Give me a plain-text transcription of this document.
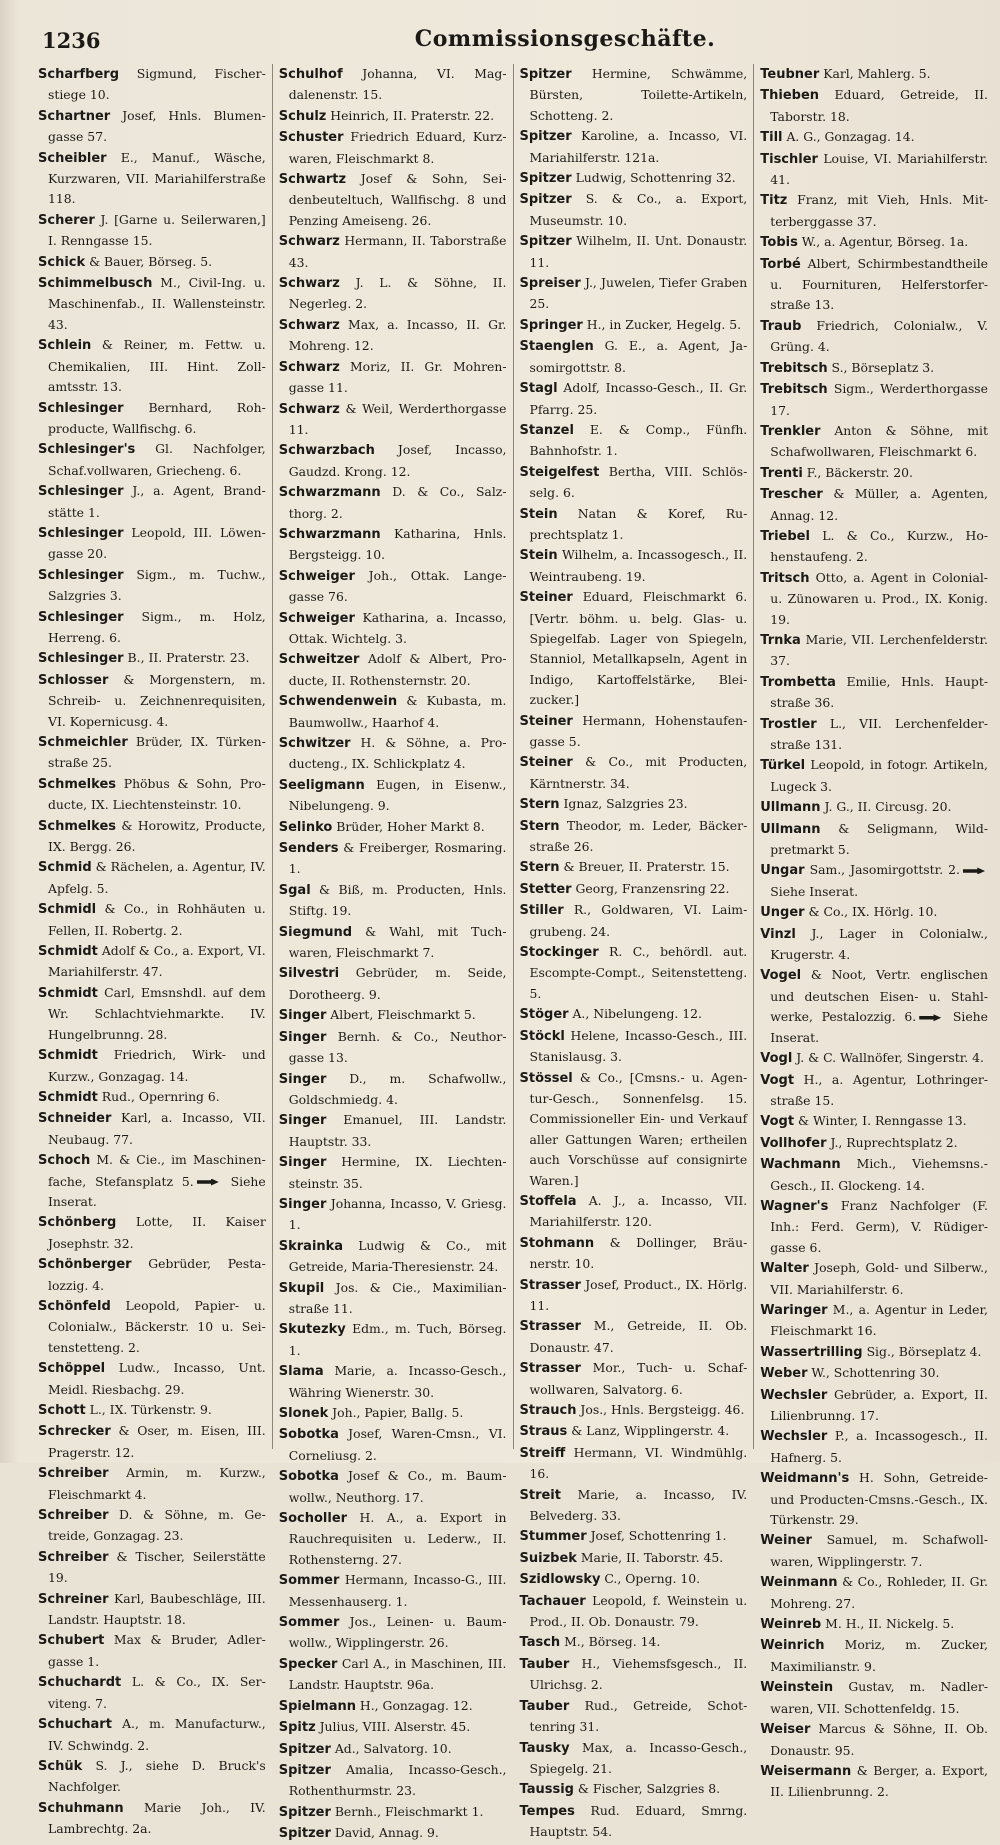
1236	Commissionsgeschäfte.

Scharfberg Sigmund, Fischerstiege 10.

Schartner Josef, Hnls. Blumengasse 57.

Scheibler E., Manuf., Wäsche, Kurzwaren, VII. Mariahilferstraße 118.

Scherer J. [Garne u. Seilerwaren,] I. Renngasse 15.

Schick & Bauer, Börseg. 5.

Schimmelbusch M., Civil-Ing. u. Maschinenfab., II. Wallensteinstr. 43.

Schlein & Reiner, m. Fettw. u. Chemikalien, III. Hint. Zollamtsstr. 13.

Schlesinger Bernhard, Rohproducte, Wallfischg. 6.

Schlesinger's Gl. Nachfolger, Schaf.vollwaren, Griecheng. 6.

Schlesinger J., a. Agent, Brandstätte 1.

Schlesinger Leopold, III. Löwengasse 20.

Schlesinger Sigm., m. Tuchw., Salzgries 3.

Schlesinger Sigm., m. Holz, Herreng. 6.

Schlesinger B., II. Praterstr. 23.

Schlosser & Morgenstern, m. Schreib- u. Zeichnenrequisiten, VI. Kopernicusg. 4.

Schmeichler Brüder, IX. Türkenstraße 25.

Schmelkes Phöbus & Sohn, Producte, IX. Liechtensteinstr. 10.

Schmelkes & Horowitz, Producte, IX. Bergg. 26.

Schmid & Rächelen, a. Agentur, IV. Apfelg. 5.

Schmidl & Co., in Rohhäuten u. Fellen, II. Robertg. 2.

Schmidt Adolf & Co., a. Export, VI. Mariahilferstr. 47.

Schmidt Carl, Emsnshdl. auf dem Wr. Schlachtviehmarkte. IV. Hungelbrunng. 28.

Schmidt Friedrich, Wirk- und Kurzw., Gonzagag. 14.

Schmidt Rud., Opernring 6.

Schneider Karl, a. Incasso, VII. Neubaug. 77.

Schoch M. & Cie., im Maschinenfache, Stefansplatz 5. Siehe Inserat.

Schönberg Lotte, II. Kaiser Josephstr. 32.

Schönberger Gebrüder, Pestalozzig. 4.

Schönfeld Leopold, Papier- u. Colonialw., Bäckerstr. 10 u. Seitenstetteng. 2.

Schöppel Ludw., Incasso, Unt. Meidl. Riesbachg. 29.

Schott L., IX. Türkenstr. 9.

Schrecker & Oser, m. Eisen, III. Pragerstr. 12.

Schreiber Armin, m. Kurzw., Fleischmarkt 4.

Schreiber D. & Söhne, m. Getreide, Gonzagag. 23.

Schreiber & Tischer, Seilerstätte 19.

Schreiner Karl, Baubeschläge, III. Landstr. Hauptstr. 18.

Schubert Max & Bruder, Adlergasse 1.

Schuchardt L. & Co., IX. Serviteng. 7.

Schuchart A., m. Manufacturw., IV. Schwindg. 2.

Schük S. J., siehe D. Bruck's Nachfolger.

Schuhmann Marie Joh., IV. Lambrechtg. 2a.

Schulhof Johanna, VI. Magdalenenstr. 15.

Schulz Heinrich, II. Praterstr. 22.

Schuster Friedrich Eduard, Kurzwaren, Fleischmarkt 8.

Schwartz Josef & Sohn, Seidenbeuteltuch, Wallfischg. 8 und Penzing Ameiseng. 26.

Schwarz Hermann, II. Taborstraße 43.

Schwarz J. L. & Söhne, II. Negerleg. 2.

Schwarz Max, a. Incasso, II. Gr. Mohreng. 12.

Schwarz Moriz, II. Gr. Mohrengasse 11.

Schwarz & Weil, Werderthorgasse 11.

Schwarzbach Josef, Incasso, Gaudzd. Krong. 12.

Schwarzmann D. & Co., Salzthorg. 2.

Schwarzmann Katharina, Hnls. Bergsteigg. 10.

Schweiger Joh., Ottak. Langegasse 76.

Schweiger Katharina, a. Incasso, Ottak. Wichtelg. 3.

Schweitzer Adolf & Albert, Producte, II. Rothensternstr. 20.

Schwendenwein & Kubasta, m. Baumwollw., Haarhof 4.

Schwitzer H. & Söhne, a. Producteng., IX. Schlickplatz 4.

Seeligmann Eugen, in Eisenw., Nibelungeng. 9.

Selinko Brüder, Hoher Markt 8.

Senders & Freiberger, Rosmaring. 1.

Sgal & Biß, m. Producten, Hnls. Stiftg. 19.

Siegmund & Wahl, mit Tuchwaren, Fleischmarkt 7.

Silvestri Gebrüder, m. Seide, Dorotheerg. 9.

Singer Albert, Fleischmarkt 5.

Singer Bernh. & Co., Neuthorgasse 13.

Singer D., m. Schafwollw., Goldschmiedg. 4.

Singer Emanuel, III. Landstr. Hauptstr. 33.

Singer Hermine, IX. Liechtensteinstr. 35.

Singer Johanna, Incasso, V. Griesg. 1.

Skrainka Ludwig & Co., mit Getreide, Maria-Theresienstr. 24.

Skupil Jos. & Cie., Maximilianstraße 11.

Skutezky Edm., m. Tuch, Börseg. 1.

Slama Marie, a. Incasso-Gesch., Währing Wienerstr. 30.

Slonek Joh., Papier, Ballg. 5.

Sobotka Josef, Waren-Cmsn., VI. Corneliusg. 2.

Sobotka Josef & Co., m. Baumwollw., Neuthorg. 17.

Socholler H. A., a. Export in Rauchrequisiten u. Lederw., II. Rothensterng. 27.

Sommer Hermann, Incasso-G., III. Messenhauserg. 1.

Sommer Jos., Leinen- u. Baumwollw., Wipplingerstr. 26.

Specker Carl A., in Maschinen, III. Landstr. Hauptstr. 96a.

Spielmann H., Gonzagag. 12.

Spitz Julius, VIII. Alserstr. 45.

Spitzer Ad., Salvatorg. 10.

Spitzer Amalia, Incasso-Gesch., Rothenthurmstr. 23.

Spitzer Bernh., Fleischmarkt 1.

Spitzer David, Annag. 9.

Spitzer Hermine, Schwämme, Bürsten, Toilette-Artikeln, Schotteng. 2.

Spitzer Karoline, a. Incasso, VI. Mariahilferstr. 121a.

Spitzer Ludwig, Schottenring 32.

Spitzer S. & Co., a. Export, Museumstr. 10.

Spitzer Wilhelm, II. Unt. Donaustr. 11.

Spreiser J., Juwelen, Tiefer Graben 25.

Springer H., in Zucker, Hegelg. 5.

Staenglen G. E., a. Agent, Jasomirgottstr. 8.

Stagl Adolf, Incasso-Gesch., II. Gr. Pfarrg. 25.

Stanzel E. & Comp., Fünfh. Bahnhofstr. 1.

Steigelfest Bertha, VIII. Schlösselg. 6.

Stein Natan & Koref, Ruprechtsplatz 1.

Stein Wilhelm, a. Incassogesch., II. Weintraubeng. 19.

Steiner Eduard, Fleischmarkt 6. [Vertr. böhm. u. belg. Glas- u. Spiegelfab. Lager von Spiegeln, Stanniol, Metallkapseln, Agent in Indigo, Kartoffelstärke, Bleizucker.]

Steiner Hermann, Hohenstaufengasse 5.

Steiner & Co., mit Producten, Kärntnerstr. 34.

Stern Ignaz, Salzgries 23.

Stern Theodor, m. Leder, Bäckerstraße 26.

Stern & Breuer, II. Praterstr. 15.

Stetter Georg, Franzensring 22.

Stiller R., Goldwaren, VI. Laimgrubeng. 24.

Stockinger R. C., behördl. aut. Escompte-Compt., Seitenstetteng. 5.

Stöger A., Nibelungeng. 12.

Stöckl Helene, Incasso-Gesch., III. Stanislausg. 3.

Stössel & Co., [Cmsns.- u. Agentur-Gesch., Sonnenfelsg. 15. Commissioneller Ein- und Verkauf aller Gattungen Waren; ertheilen auch Vorschüsse auf consignirte Waren.]

Stoffela A. J., a. Incasso, VII. Mariahilferstr. 120.

Stohmann & Dollinger, Bräunerstr. 10.

Strasser Josef, Product., IX. Hörlg. 11.

Strasser M., Getreide, II. Ob. Donaustr. 47.

Strasser Mor., Tuch- u. Schafwollwaren, Salvatorg. 6.

Strauch Jos., Hnls. Bergsteigg. 46.

Straus & Lanz, Wipplingerstr. 4.

Streiff Hermann, VI. Windmühlg. 16.

Streit Marie, a. Incasso, IV. Belvederg. 33.

Stummer Josef, Schottenring 1.

Suizbek Marie, II. Taborstr. 45.

Szidlowsky C., Operng. 10.

Tachauer Leopold, f. Weinstein u. Prod., II. Ob. Donaustr. 79.

Tasch M., Börseg. 14.

Tauber H., Viehemsfsgesch., II. Ulrichsg. 2.

Tauber Rud., Getreide, Schottenring 31.

Tausky Max, a. Incasso-Gesch., Spiegelg. 21.

Taussig & Fischer, Salzgries 8.

Tempes Rud. Eduard, Smrng. Hauptstr. 54.

Teubner Karl, Mahlerg. 5.

Thieben Eduard, Getreide, II. Taborstr. 18.

Till A. G., Gonzagag. 14.

Tischler Louise, VI. Mariahilferstr. 41.

Titz Franz, mit Vieh, Hnls. Mitterberggasse 37.

Tobis W., a. Agentur, Börseg. 1a.

Torbé Albert, Schirmbestandtheile u. Fournituren, Helferstorferstraße 13.

Traub Friedrich, Colonialw., V. Grüng. 4.

Trebitsch S., Börseplatz 3.

Trebitsch Sigm., Werderthorgasse 17.

Trenkler Anton & Söhne, mit Schafwollwaren, Fleischmarkt 6.

Trenti F., Bäckerstr. 20.

Trescher & Müller, a. Agenten, Annag. 12.

Triebel L. & Co., Kurzw., Hohenstaufeng. 2.

Tritsch Otto, a. Agent in Colonial- u. Zünowaren u. Prod., IX. Konig. 19.

Trnka Marie, VII. Lerchenfelderstr. 37.

Trombetta Emilie, Hnls. Hauptstraße 36.

Trostler L., VII. Lerchenfelderstraße 131.

Türkel Leopold, in fotogr. Artikeln, Lugeck 3.

Ullmann J. G., II. Circusg. 20.

Ullmann & Seligmann, Wildpretmarkt 5.

Ungar Sam., Jasomirgottstr. 2. Siehe Inserat.

Unger & Co., IX. Hörlg. 10.

Vinzl J., Lager in Colonialw., Krugerstr. 4.

Vogel & Noot, Vertr. englischen und deutschen Eisen- u. Stahlwerke, Pestalozzig. 6. Siehe Inserat.

Vogl J. & C. Wallnöfer, Singerstr. 4.

Vogt H., a. Agentur, Lothringerstraße 15.

Vogt & Winter, I. Renngasse 13.

Vollhofer J., Ruprechtsplatz 2.

Wachmann Mich., Viehemsns.-Gesch., II. Glockeng. 14.

Wagner's Franz Nachfolger (F. Inh.: Ferd. Germ), V. Rüdigergasse 6.

Walter Joseph, Gold- und Silberw., VII. Mariahilferstr. 6.

Waringer M., a. Agentur in Leder, Fleischmarkt 16.

Wassertrilling Sig., Börseplatz 4.

Weber W., Schottenring 30.

Wechsler Gebrüder, a. Export, II. Lilienbrunng. 17.

Wechsler P., a. Incassogesch., II. Hafnerg. 5.

Weidmann's H. Sohn, Getreide- und Producten-Cmsns.-Gesch., IX. Türkenstr. 29.

Weiner Samuel, m. Schafwollwaren, Wipplingerstr. 7.

Weinmann & Co., Rohleder, II. Gr. Mohreng. 27.

Weinreb M. H., II. Nickelg. 5.

Weinrich Moriz, m. Zucker, Maximilianstr. 9.

Weinstein Gustav, m. Nadlerwaren, VII. Schottenfeldg. 15.

Weiser Marcus & Söhne, II. Ob. Donaustr. 95.

Weisermann & Berger, a. Export, II. Lilienbrunng. 2.
